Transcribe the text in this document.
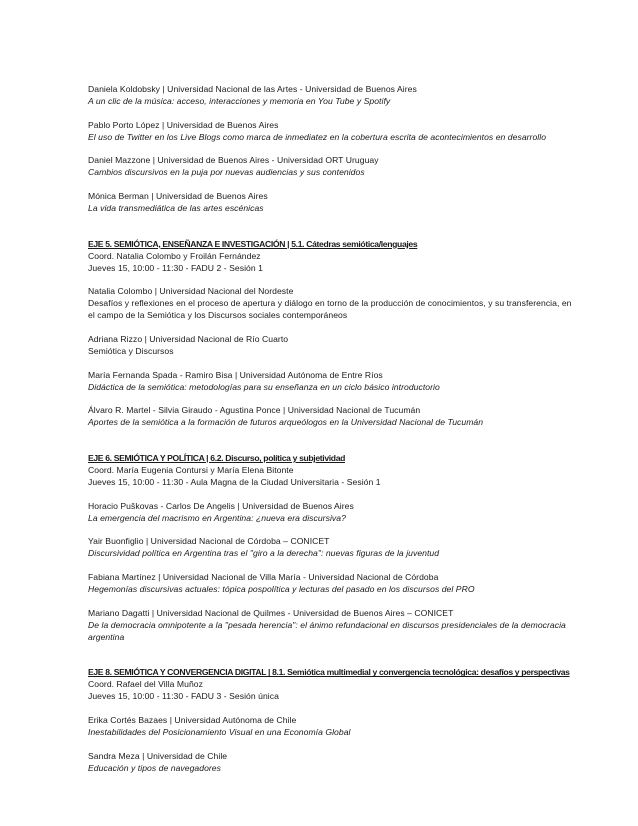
Daniela Koldobsky | Universidad Nacional de las Artes - Universidad de Buenos Aires
A un clic de la música: acceso, interacciones y memoria en You Tube y Spotify
Pablo Porto López | Universidad de Buenos Aires
El uso de Twitter en los Live Blogs como marca de inmediatez en la cobertura escrita de acontecimientos en desarrollo
Daniel Mazzone | Universidad de Buenos Aires - Universidad ORT Uruguay
Cambios discursivos en la puja por nuevas audiencias y sus contenidos
Mónica Berman | Universidad de Buenos Aires
La vida transmediática de las artes escénicas
EJE 5. SEMIÓTICA, ENSEÑANZA E INVESTIGACIÓN | 5.1. Cátedras semiótica/lenguajes
Coord. Natalia Colombo y Froilán Fernández
Jueves 15, 10:00 - 11:30 - FADU 2 - Sesión 1
Natalia Colombo | Universidad Nacional del Nordeste
Desafíos y reflexiones en el proceso de apertura y diálogo en torno de la producción de conocimientos, y su transferencia, en el campo de la Semiótica y los Discursos sociales contemporáneos
Adriana Rizzo | Universidad Nacional de Río Cuarto
Semiótica y Discursos
María Fernanda Spada - Ramiro Bisa | Universidad Autónoma de Entre Ríos
Didáctica de la semiótica: metodologías para su enseñanza en un ciclo básico introductorio
Álvaro R. Martel - Silvia Giraudo - Agustina Ponce | Universidad Nacional de Tucumán
Aportes de la semiótica a la formación de futuros arqueólogos en la Universidad Nacional de Tucumán
EJE 6. SEMIÓTICA Y POLÍTICA | 6.2. Discurso, política y subjetividad
Coord. María Eugenia Contursi y María Elena Bitonte
Jueves 15, 10:00 - 11:30 - Aula Magna de la Ciudad Universitaria - Sesión 1
Horacio Puškovas - Carlos De Angelis | Universidad de Buenos Aires
La emergencia del macrismo en Argentina: ¿nueva era discursiva?
Yair Buonfiglio | Universidad Nacional de Córdoba – CONICET
Discursividad política en Argentina tras el "giro a la derecha": nuevas figuras de la juventud
Fabiana Martínez | Universidad Nacional de Villa María - Universidad Nacional de Córdoba
Hegemonías discursivas actuales: tópica pospolítica y lecturas del pasado en los discursos del PRO
Mariano Dagatti | Universidad Nacional de Quilmes - Universidad de Buenos Aires – CONICET
De la democracia omnipotente a la "pesada herencia": el ánimo refundacional en discursos presidenciales de la democracia argentina
EJE 8. SEMIÓTICA Y CONVERGENCIA DIGITAL | 8.1. Semiótica multimedial y convergencia tecnológica: desafíos y perspectivas
Coord. Rafael del Villa Muñoz
Jueves 15, 10:00 - 11:30 - FADU 3 - Sesión única
Erika Cortés Bazaes | Universidad Autónoma de Chile
Inestabilidades del Posicionamiento Visual en una Economía Global
Sandra Meza | Universidad de Chile
Educación y tipos de navegadores
